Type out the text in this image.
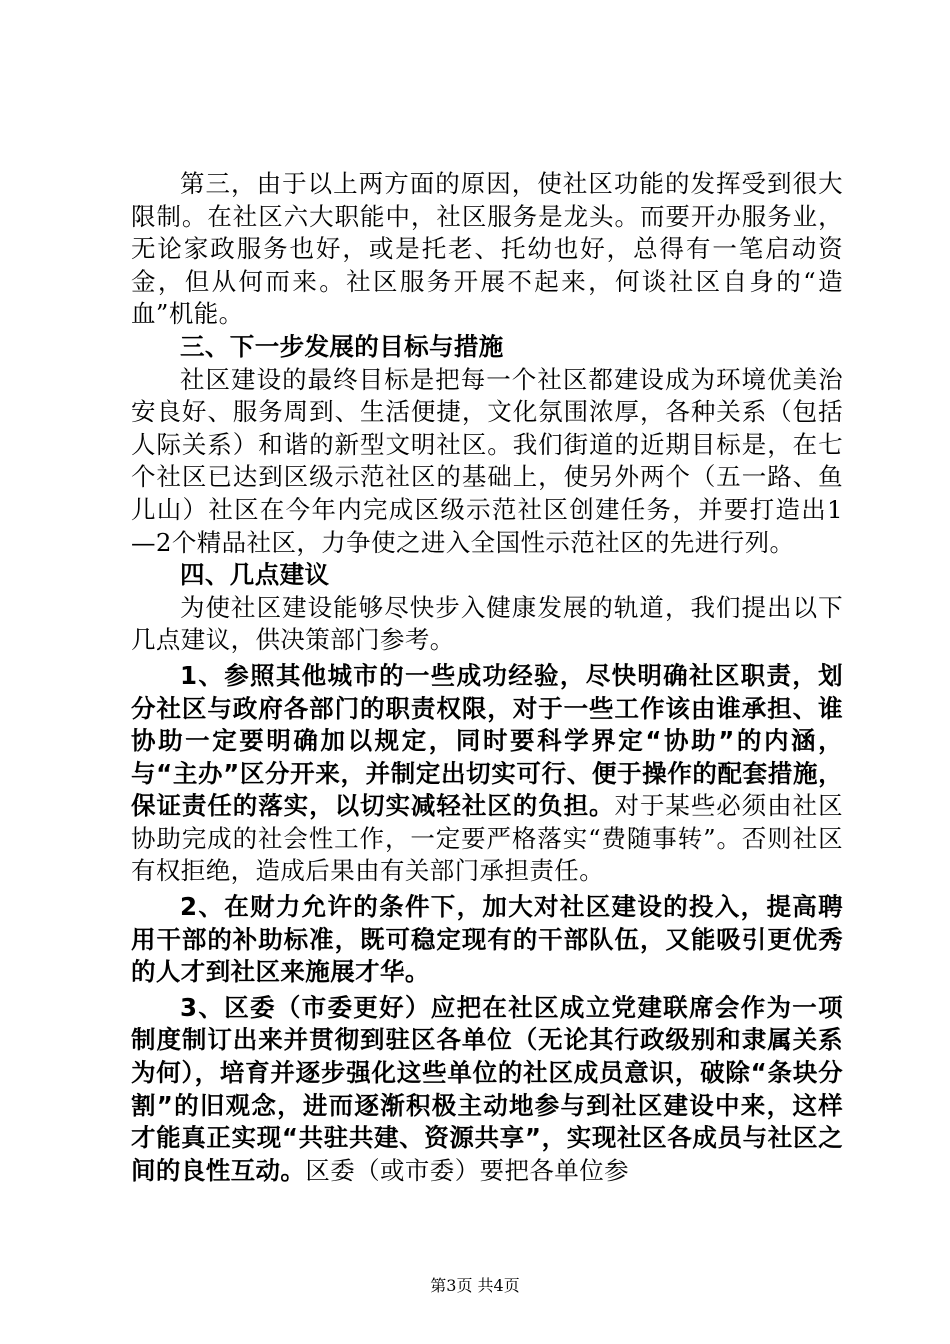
第三，由于以上两方面的原因，使社区功能的发挥受到很大限制。在社区六大职能中，社区服务是龙头。而要开办服务业，无论家政服务也好，或是托老、托幼也好，总得有一笔启动资金，但从何而来。社区服务开展不起来，何谈社区自身的“造血”机能。

三、下一步发展的目标与措施

社区建设的最终目标是把每一个社区都建设成为环境优美治安良好、服务周到、生活便捷，文化氛围浓厚，各种关系（包括人际关系）和谐的新型文明社区。我们街道的近期目标是，在七个社区已达到区级示范社区的基础上，使另外两个（五一路、鱼儿山）社区在今年内完成区级示范社区创建任务，并要打造出1—2个精品社区，力争使之进入全国性示范社区的先进行列。

四、几点建议

为使社区建设能够尽快步入健康发展的轨道，我们提出以下几点建议，供决策部门参考。

1、参照其他城市的一些成功经验，尽快明确社区职责，划分社区与政府各部门的职责权限，对于一些工作该由谁承担、谁协助一定要明确加以规定，同时要科学界定“协助”的内涵，与“主办”区分开来，并制定出切实可行、便于操作的配套措施，保证责任的落实，以切实减轻社区的负担。对于某些必须由社区协助完成的社会性工作，一定要严格落实“费随事转”。否则社区有权拒绝，造成后果由有关部门承担责任。

2、在财力允许的条件下，加大对社区建设的投入，提高聘用干部的补助标准，既可稳定现有的干部队伍，又能吸引更优秀的人才到社区来施展才华。

3、区委（市委更好）应把在社区成立党建联席会作为一项制度制订出来并贯彻到驻区各单位（无论其行政级别和隶属关系为何），培育并逐步强化这些单位的社区成员意识，破除“条块分割”的旧观念，进而逐渐积极主动地参与到社区建设中来，这样才能真正实现“共驻共建、资源共享”，实现社区各成员与社区之间的良性互动。区委（或市委）要把各单位参

第3页 共4页
